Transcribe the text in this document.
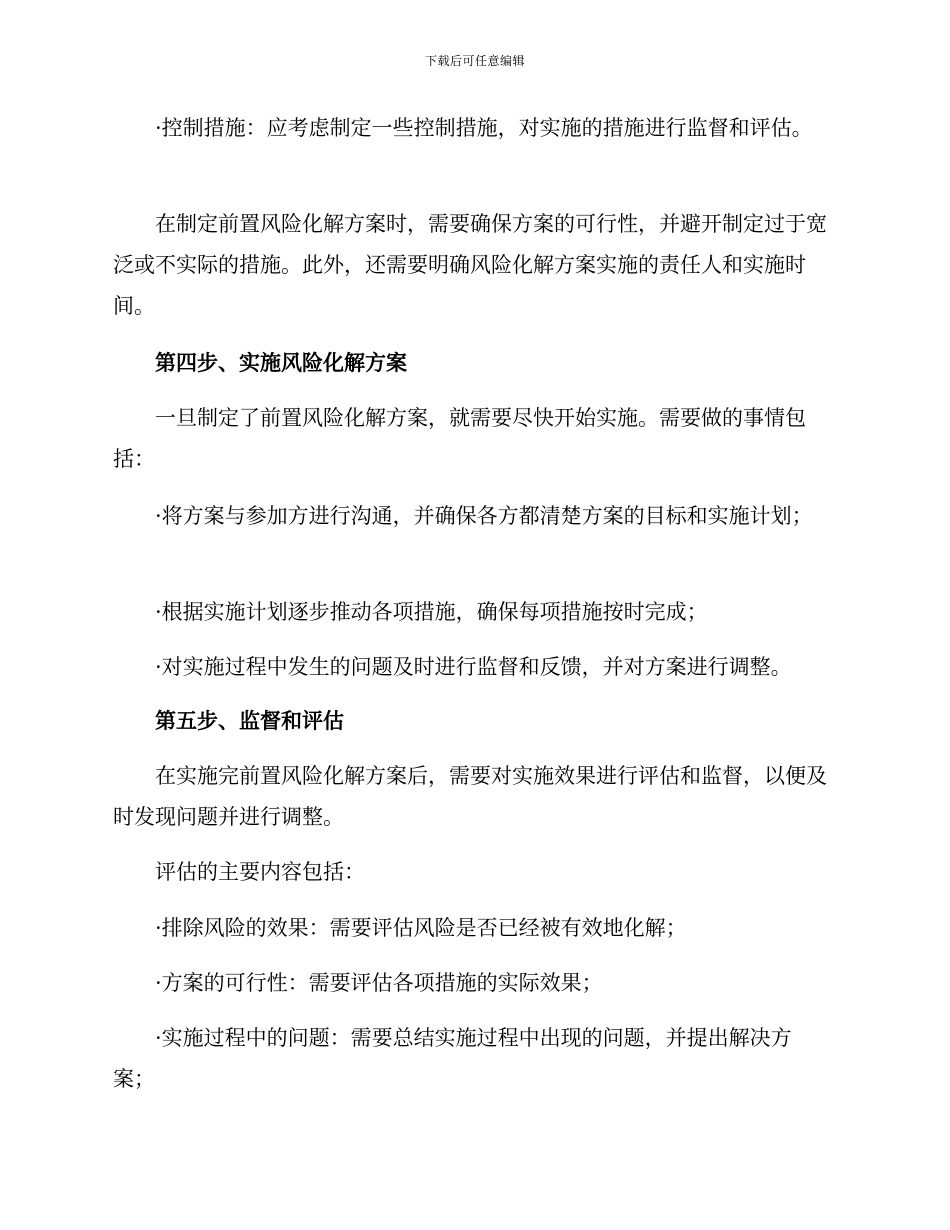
下载后可任意编辑

·控制措施：应考虑制定一些控制措施，对实施的措施进行监督和评估。

在制定前置风险化解方案时，需要确保方案的可行性，并避开制定过于宽泛或不实际的措施。此外，还需要明确风险化解方案实施的责任人和实施时间。

第四步、实施风险化解方案

一旦制定了前置风险化解方案，就需要尽快开始实施。需要做的事情包括：

·将方案与参加方进行沟通，并确保各方都清楚方案的目标和实施计划；

·根据实施计划逐步推动各项措施，确保每项措施按时完成；

·对实施过程中发生的问题及时进行监督和反馈，并对方案进行调整。

第五步、监督和评估

在实施完前置风险化解方案后，需要对实施效果进行评估和监督，以便及时发现问题并进行调整。

评估的主要内容包括：

·排除风险的效果：需要评估风险是否已经被有效地化解；

·方案的可行性：需要评估各项措施的实际效果；

·实施过程中的问题：需要总结实施过程中出现的问题，并提出解决方案；
